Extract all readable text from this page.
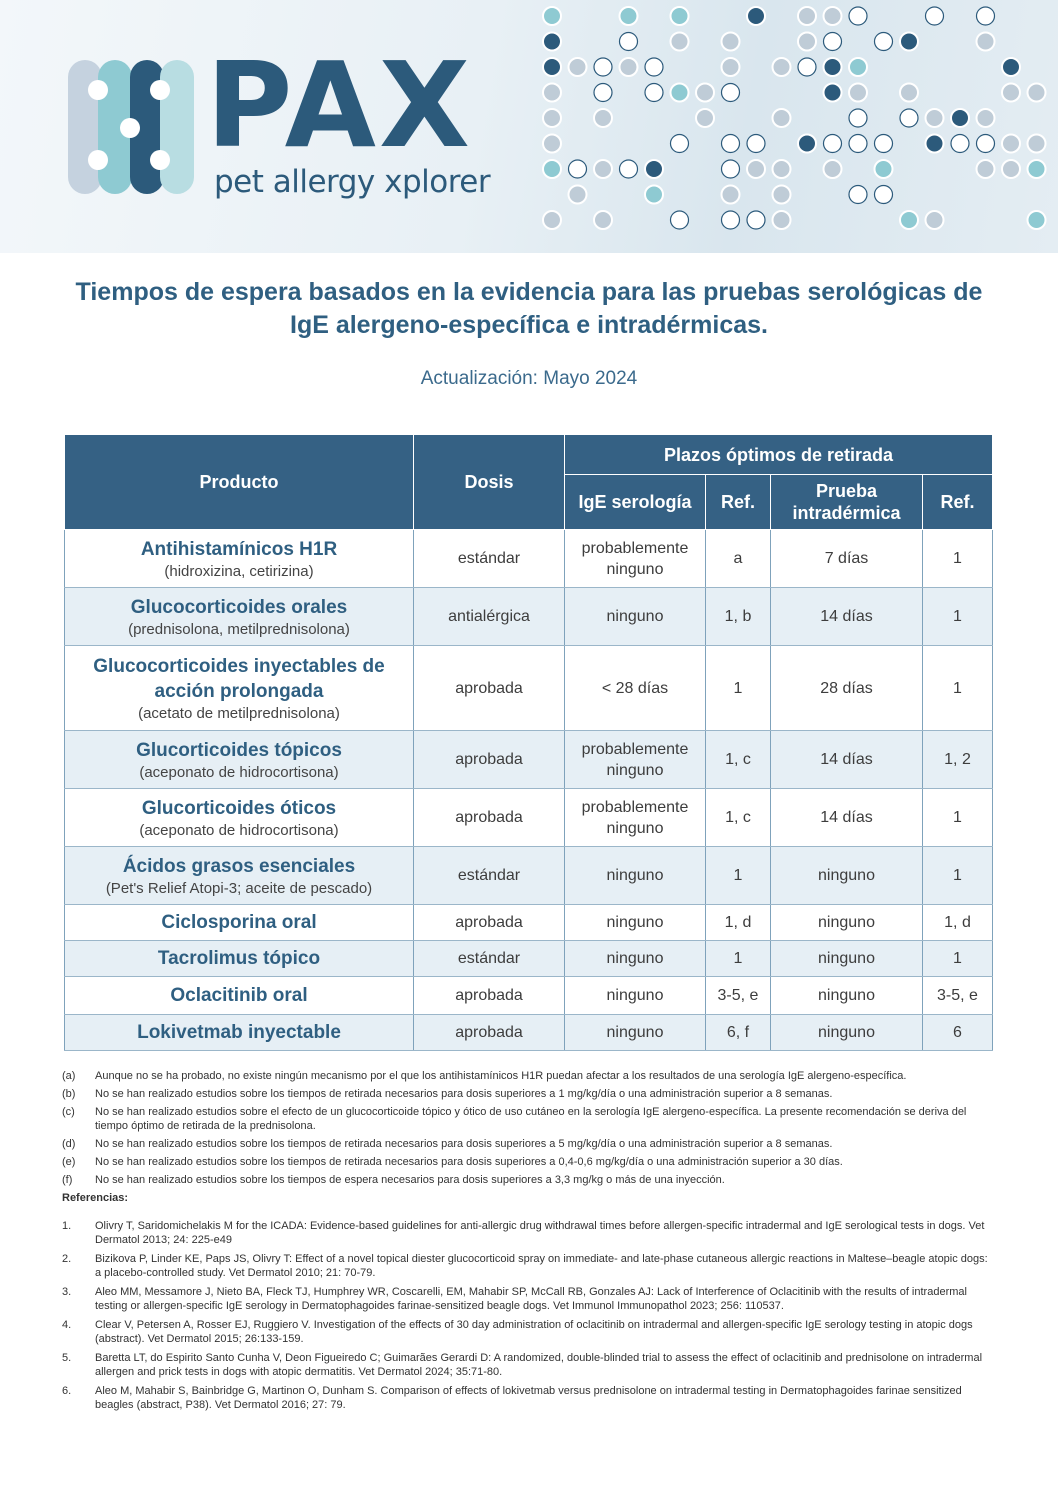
PAX
pet allergy xplorer
Tiempos de espera basados en la evidencia para las pruebas serológicas de IgE alergeno-específica e intradérmicas.
Actualización: Mayo 2024
Producto	Dosis	Plazos óptimos de retirada			
		IgE serología	Ref.	Prueba intradérmica	Ref.

Antihistamínicos H1R
(hidroxizina, cetirizina)	estándar	probablemente ninguno	a	7 días	1

Glucocorticoides orales
(prednisolona, metilprednisolona)	antialérgica	ninguno	1, b	14 días	1

Glucocorticoides inyectables de acción prolongada
(acetato de metilprednisolona)	aprobada	< 28 días	1	28 días	1

Glucorticoides tópicos
(aceponato de hidrocortisona)	aprobada	probablemente ninguno	1, c	14 días	1, 2

Glucorticoides óticos
(aceponato de hidrocortisona)	aprobada	probablemente ninguno	1, c	14 días	1

Ácidos grasos esenciales
(Pet's Relief Atopi-3; aceite de pescado)	estándar	ninguno	1	ninguno	1

Ciclosporina oral	aprobada	ninguno	1, d	ninguno	1, d

Tacrolimus tópico	estándar	ninguno	1	ninguno	1

Oclacitinib oral	aprobada	ninguno	3-5, e	ninguno	3-5, e

Lokivetmab inyectable	aprobada	ninguno	6, f	ninguno	6
(a)	Aunque no se ha probado, no existe ningún mecanismo por el que los antihistamínicos H1R puedan afectar a los resultados de una serología IgE alergeno-específica.
(b)	No se han realizado estudios sobre los tiempos de retirada necesarios para dosis superiores a 1 mg/kg/día o una administración superior a 8 semanas.
(c)	No se han realizado estudios sobre el efecto de un glucocorticoide tópico y ótico de uso cutáneo en la serología IgE alergeno-específica. La presente recomendación se deriva del tiempo óptimo de retirada de la prednisolona.
(d)	No se han realizado estudios sobre los tiempos de retirada necesarios para dosis superiores a 5 mg/kg/día o una administración superior a 8 semanas.
(e)	No se han realizado estudios sobre los tiempos de retirada necesarios para dosis superiores a 0,4-0,6 mg/kg/día o una administración superior a 30 días.
(f)	No se han realizado estudios sobre los tiempos de espera necesarios para dosis superiores a 3,3 mg/kg o más de una inyección.
Referencias:
1.	Olivry T, Saridomichelakis M for the ICADA: Evidence-based guidelines for anti-allergic drug withdrawal times before allergen-specific intradermal and IgE serological tests in dogs. Vet Dermatol 2013; 24: 225-e49
2.	Bizikova P, Linder KE, Paps JS, Olivry T: Effect of a novel topical diester glucocorticoid spray on immediate- and late-phase cutaneous allergic reactions in Maltese–beagle atopic dogs: a placebo-controlled study. Vet Dermatol 2010; 21: 70-79.
3.	Aleo MM, Messamore J, Nieto BA, Fleck TJ, Humphrey WR, Coscarelli, EM, Mahabir SP, McCall RB, Gonzales AJ: Lack of Interference of Oclacitinib with the results of intradermal testing or allergen-specific IgE serology in Dermatophagoides farinae-sensitized beagle dogs. Vet Immunol Immunopathol 2023; 256: 110537.
4.	Clear V, Petersen A, Rosser EJ, Ruggiero V. Investigation of the effects of 30 day administration of oclacitinib on intradermal and allergen-specific IgE serology testing in atopic dogs (abstract). Vet Dermatol 2015; 26:133-159.
5.	Baretta LT, do Espirito Santo Cunha V, Deon Figueiredo C; Guimarães Gerardi D: A randomized, double-blinded trial to assess the effect of oclacitinib and prednisolone on intradermal allergen and prick tests in dogs with atopic dermatitis. Vet Dermatol 2024; 35:71-80.
6.	Aleo M, Mahabir S, Bainbridge G, Martinon O, Dunham S. Comparison of effects of lokivetmab versus prednisolone on intradermal testing in Dermatophagoides farinae sensitized beagles (abstract, P38). Vet Dermatol 2016; 27: 79.
